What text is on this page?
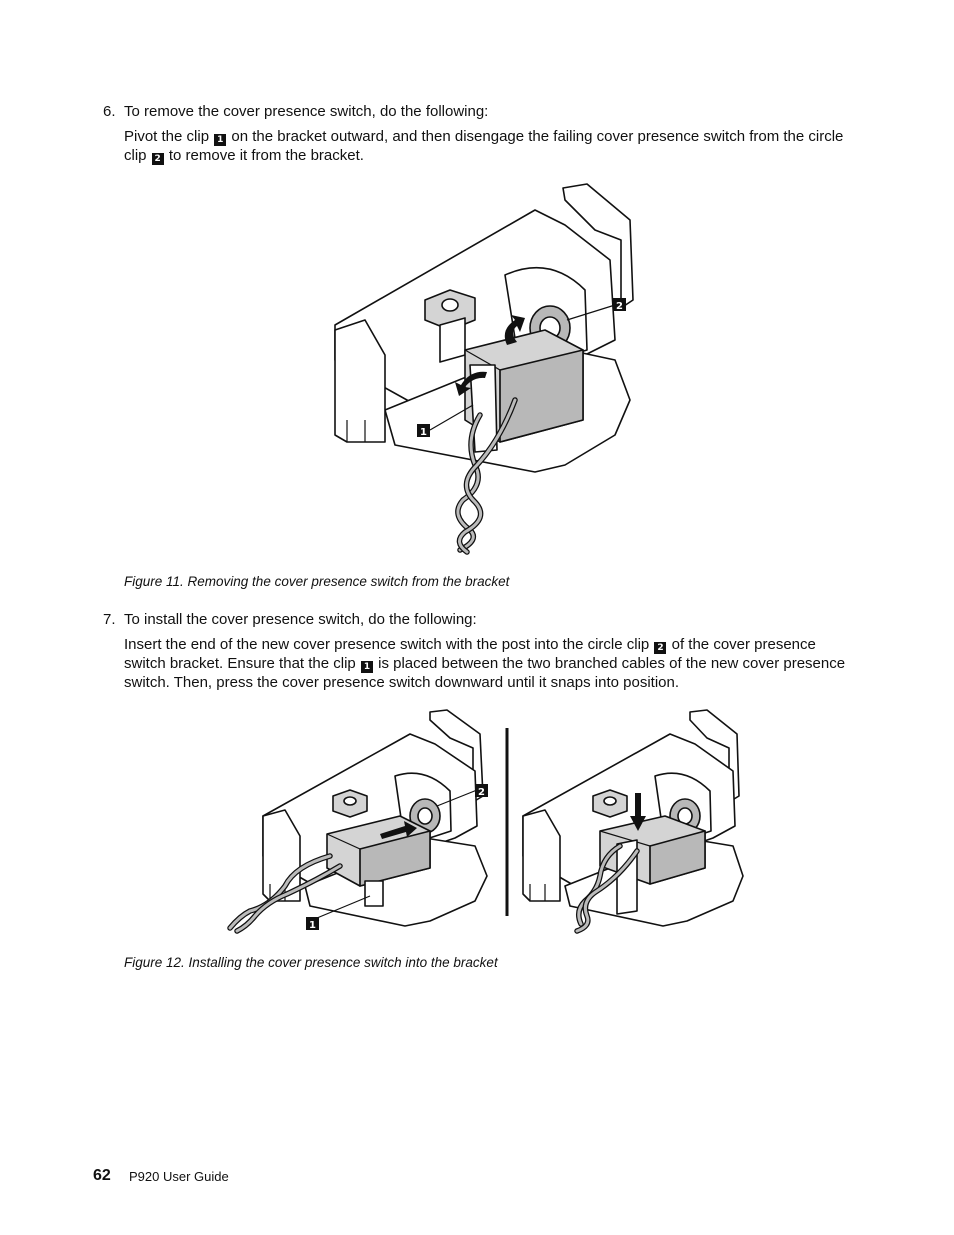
6. To remove the cover presence switch, do the following:
Pivot the clip 1 on the bracket outward, and then disengage the failing cover presence switch from the circle clip 2 to remove it from the bracket.
2
1
Figure 11. Removing the cover presence switch from the bracket
7. To install the cover presence switch, do the following:
Insert the end of the new cover presence switch with the post into the circle clip 2 of the cover presence switch bracket. Ensure that the clip 1 is placed between the two branched cables of the new cover presence switch. Then, press the cover presence switch downward until it snaps into position.
2
1
Figure 12. Installing the cover presence switch into the bracket
62 P920 User Guide
